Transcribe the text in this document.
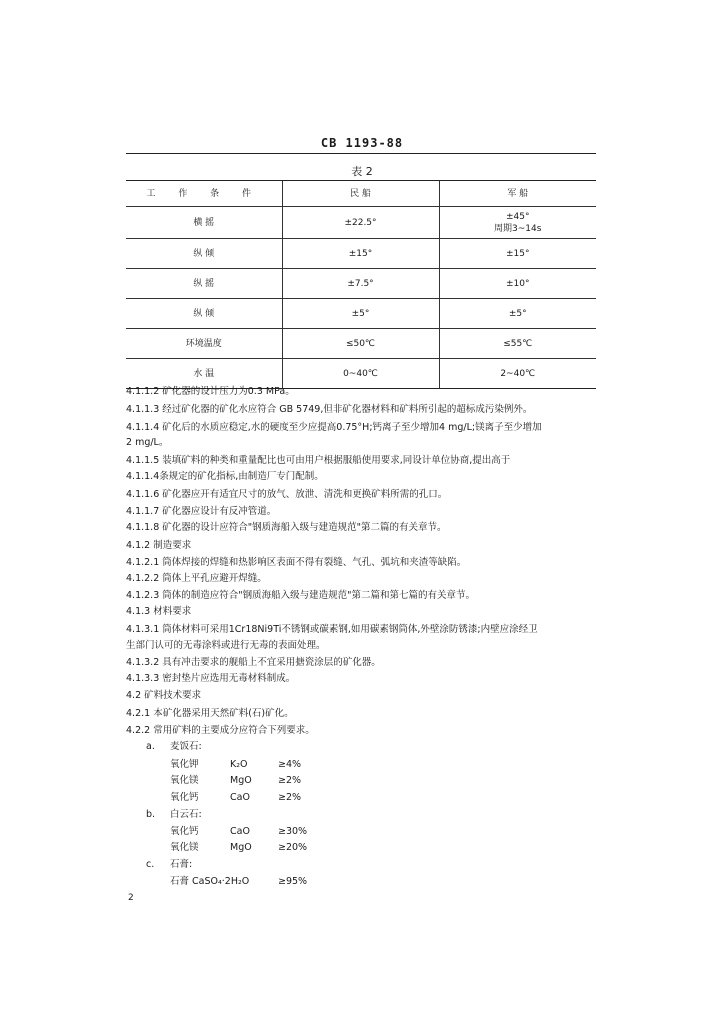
CB 1193-88
表 2
工 作 条 件	民 船	军 船
横 摇	±22.5°	±45°
周期3~14s

纵 倾	±15°	±15°
纵 摇	±7.5°	±10°
纵 倾	±5°	±5°
环境温度	≤50℃	≤55℃
水 温	0~40℃	2~40℃
4.1.1.2 矿化器的设计压力为0.3 MPa。
4.1.1.3 经过矿化器的矿化水应符合 GB 5749,但非矿化器材料和矿料所引起的超标成污染例外。
4.1.1.4 矿化后的水质应稳定,水的硬度至少应提高0.75°H;钙离子至少增加4 mg/L;镁离子至少增加
2 mg/L。
4.1.1.5 装填矿料的种类和重量配比也可由用户根据服船使用要求,同设计单位协商,提出高于
4.1.1.4条规定的矿化指标,由制造厂专门配制。
4.1.1.6 矿化器应开有适宜尺寸的放气、放泄、清洗和更换矿料所需的孔口。
4.1.1.7 矿化器应设计有反冲管道。
4.1.1.8 矿化器的设计应符合"钢质海船入级与建造规范"第二篇的有关章节。
4.1.2 制造要求
4.1.2.1 筒体焊接的焊缝和热影响区表面不得有裂缝、气孔、弧坑和夹渣等缺陷。
4.1.2.2 筒体上平孔应避开焊缝。
4.1.2.3 筒体的制造应符合"钢质海船入级与建造规范"第二篇和第七篇的有关章节。
4.1.3 材料要求
4.1.3.1 筒体材料可采用1Cr18Ni9Ti不锈钢或碳素钢,如用碳素钢筒体,外壁涂防锈漆;内壁应涂经卫
生部门认可的无毒涂料或进行无毒的表面处理。
4.1.3.2 具有冲击要求的舰船上不宜采用搪瓷涂层的矿化器。
4.1.3.3 密封垫片应选用无毒材料制成。
4.2 矿料技术要求
4.2.1 本矿化器采用天然矿料(石)矿化。
4.2.2 常用矿料的主要成分应符合下列要求。
a. 麦饭石:
氧化钾	K₂O	≥4%
氧化镁	MgO	≥2%
氧化钙	CaO	≥2%
b. 白云石:
氧化钙	CaO	≥30%
氧化镁	MgO	≥20%
c. 石膏:
石膏 CaSO₄·2H₂O	≥95%
2
